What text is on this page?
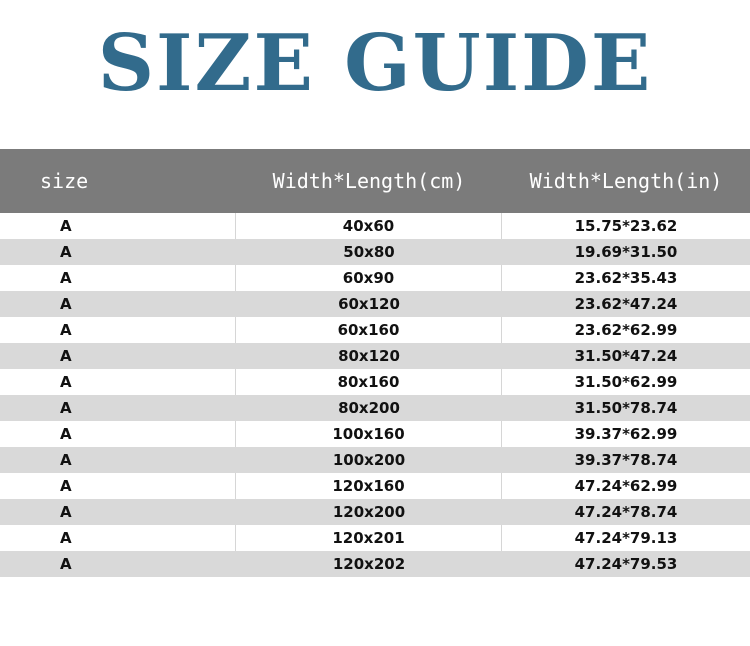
SIZE GUIDE
size	Width*Length(cm)	Width*Length(in)
A	40x60	15.75*23.62
A	50x80	19.69*31.50
A	60x90	23.62*35.43
A	60x120	23.62*47.24
A	60x160	23.62*62.99
A	80x120	31.50*47.24
A	80x160	31.50*62.99
A	80x200	31.50*78.74
A	100x160	39.37*62.99
A	100x200	39.37*78.74
A	120x160	47.24*62.99
A	120x200	47.24*78.74
A	120x201	47.24*79.13
A	120x202	47.24*79.53
